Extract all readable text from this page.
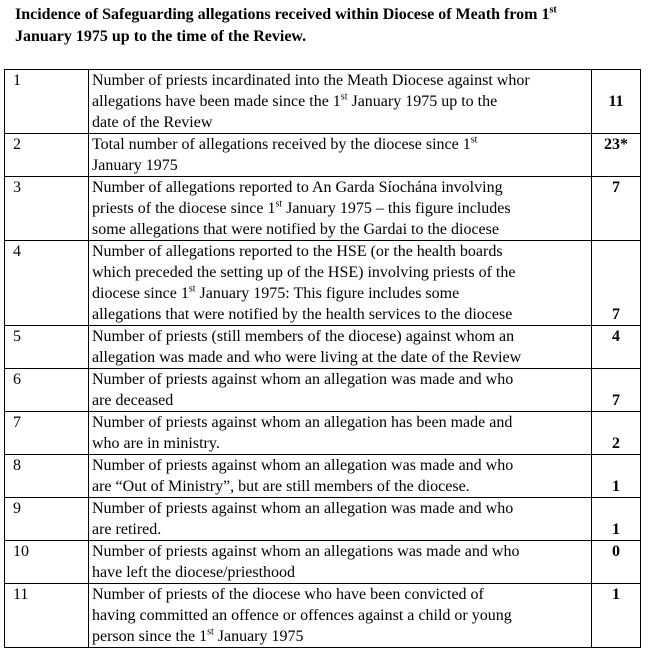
Incidence of Safeguarding allegations received within Diocese of Meath from 1st
January 1975 up to the time of the Review.
1	Number of priests incardinated into the Meath Diocese against whor
allegations have been made since the 1st January 1975 up to the
date of the Review	11
2	Total number of allegations received by the diocese since 1st
January 1975	23*
3	Number of allegations reported to An Garda Síochána involving
priests of the diocese since 1st January 1975 – this figure includes
some allegations that were notified by the Gardai to the diocese	7
4	Number of allegations reported to the HSE (or the health boards
which preceded the setting up of the HSE) involving priests of the
diocese since 1st January 1975: This figure includes some
allegations that were notified by the health services to the diocese	7
5	Number of priests (still members of the diocese) against whom an
allegation was made and who were living at the date of the Review	4
6	Number of priests against whom an allegation was made and who
are deceased	7
7	Number of priests against whom an allegation has been made and
who are in ministry.	2
8	Number of priests against whom an allegation was made and who
are “Out of Ministry”, but are still members of the diocese.	1
9	Number of priests against whom an allegation was made and who
are retired.	1
10	Number of priests against whom an allegations was made and who
have left the diocese/priesthood	0
11	Number of priests of the diocese who have been convicted of
having committed an offence or offences against a child or young
person since the 1st January 1975	1
